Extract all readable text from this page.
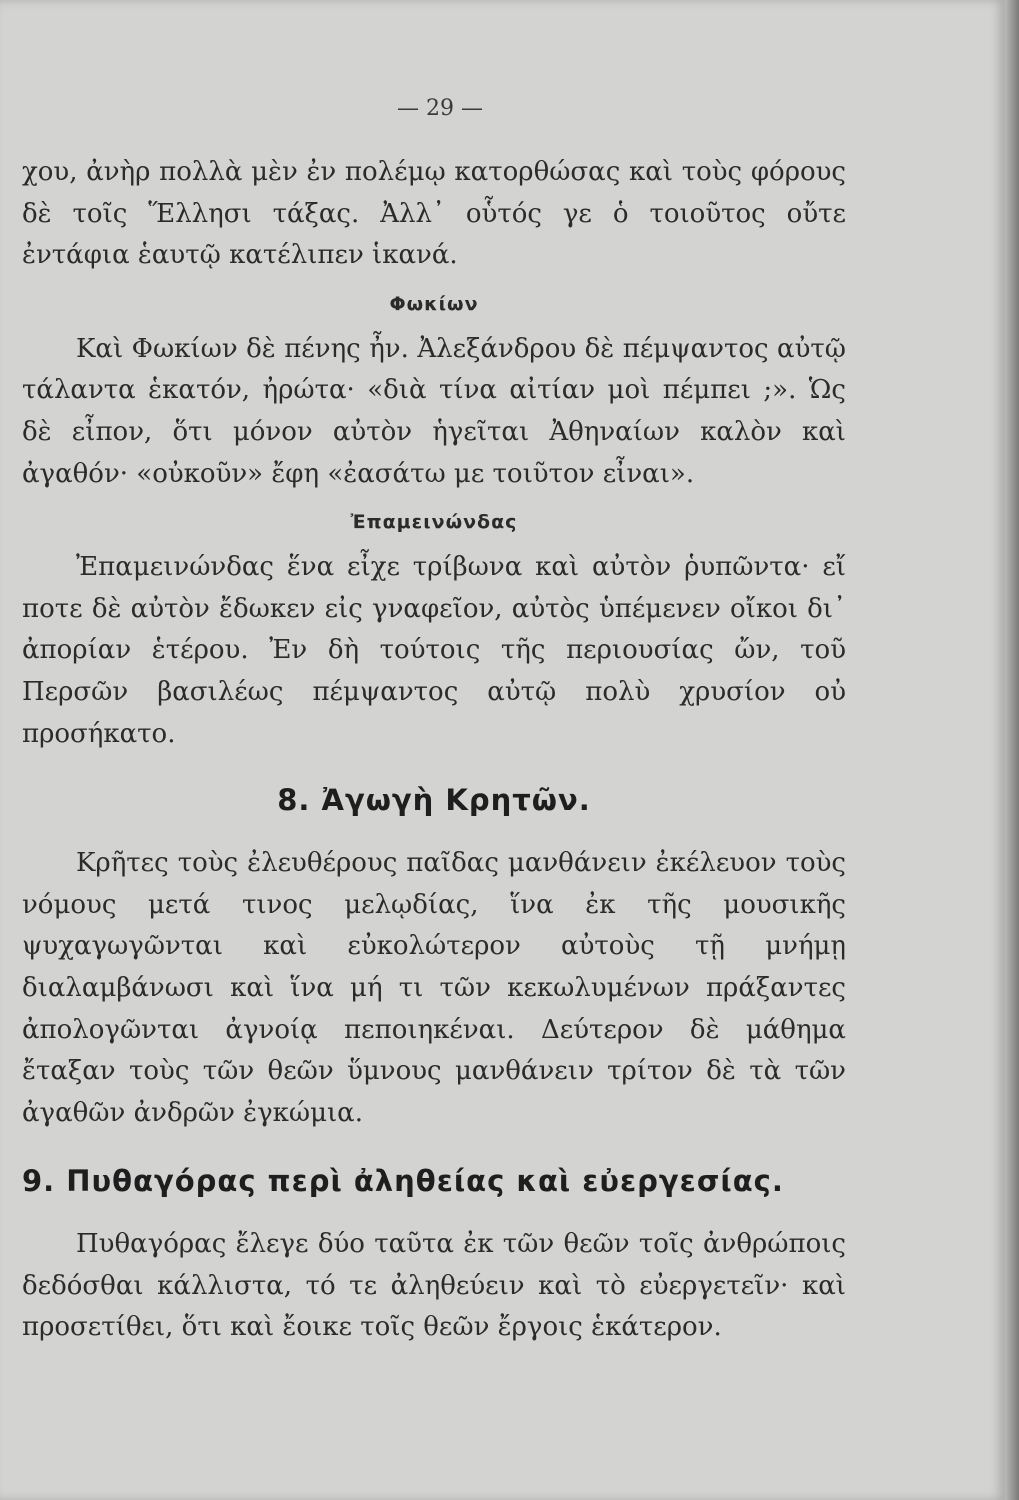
— 29 —

χου, ἀνὴρ πολλὰ μὲν ἐν πολέμῳ κατορθώσας καὶ τοὺς φόρους δὲ τοῖς Ἕλλησι τάξας. Ἀλλ᾽ οὗτός γε ὁ τοιοῦτος οὔτε ἐντάφια ἑαυτῷ κατέλιπεν ἱκανά.

Φωκίων

Καὶ Φωκίων δὲ πένης ἦν. Ἀλεξάνδρου δὲ πέμψαντος αὐτῷ τάλαντα ἑκατόν, ἠρώτα· «διὰ τίνα αἰτίαν μοὶ πέμπει ;». Ὡς δὲ εἶπον, ὅτι μόνον αὐτὸν ἡγεῖται Ἀθηναίων καλὸν καὶ ἀγαθόν· «οὐκοῦν» ἔφη «ἐασάτω με τοιῦτον εἶναι».

Ἐπαμεινώνδας

Ἐπαμεινώνδας ἕνα εἶχε τρίβωνα καὶ αὐτὸν ῥυπῶντα· εἴ ποτε δὲ αὐτὸν ἔδωκεν εἰς γναφεῖον, αὐτὸς ὑπέμενεν οἴκοι δι᾽ ἀπορίαν ἑτέρου. Ἐν δὴ τούτοις τῆς περιουσίας ὤν, τοῦ Περσῶν βασιλέως πέμψαντος αὐτῷ πολὺ χρυσίον οὐ προσήκατο.

8. Ἀγωγὴ Κρητῶν.

Κρῆτες τοὺς ἐλευθέρους παῖδας μανθάνειν ἐκέλευον τοὺς νόμους μετά τινος μελῳδίας, ἵνα ἐκ τῆς μουσικῆς ψυχαγωγῶνται καὶ εὐκολώτερον αὐτοὺς τῇ μνήμῃ διαλαμβάνωσι καὶ ἵνα μή τι τῶν κεκωλυμένων πράξαντες ἀπολογῶνται ἀγνοίᾳ πεποιηκέναι. Δεύτερον δὲ μάθημα ἔταξαν τοὺς τῶν θεῶν ὕμνους μανθάνειν τρίτον δὲ τὰ τῶν ἀγαθῶν ἀνδρῶν ἐγκώμια.

9. Πυθαγόρας περὶ ἀληθείας καὶ εὐεργεσίας.

Πυθαγόρας ἔλεγε δύο ταῦτα ἐκ τῶν θεῶν τοῖς ἀνθρώποις δεδόσθαι κάλλιστα, τό τε ἀληθεύειν καὶ τὸ εὐεργετεῖν· καὶ προσετίθει, ὅτι καὶ ἔοικε τοῖς θεῶν ἔργοις ἑκάτερον.
